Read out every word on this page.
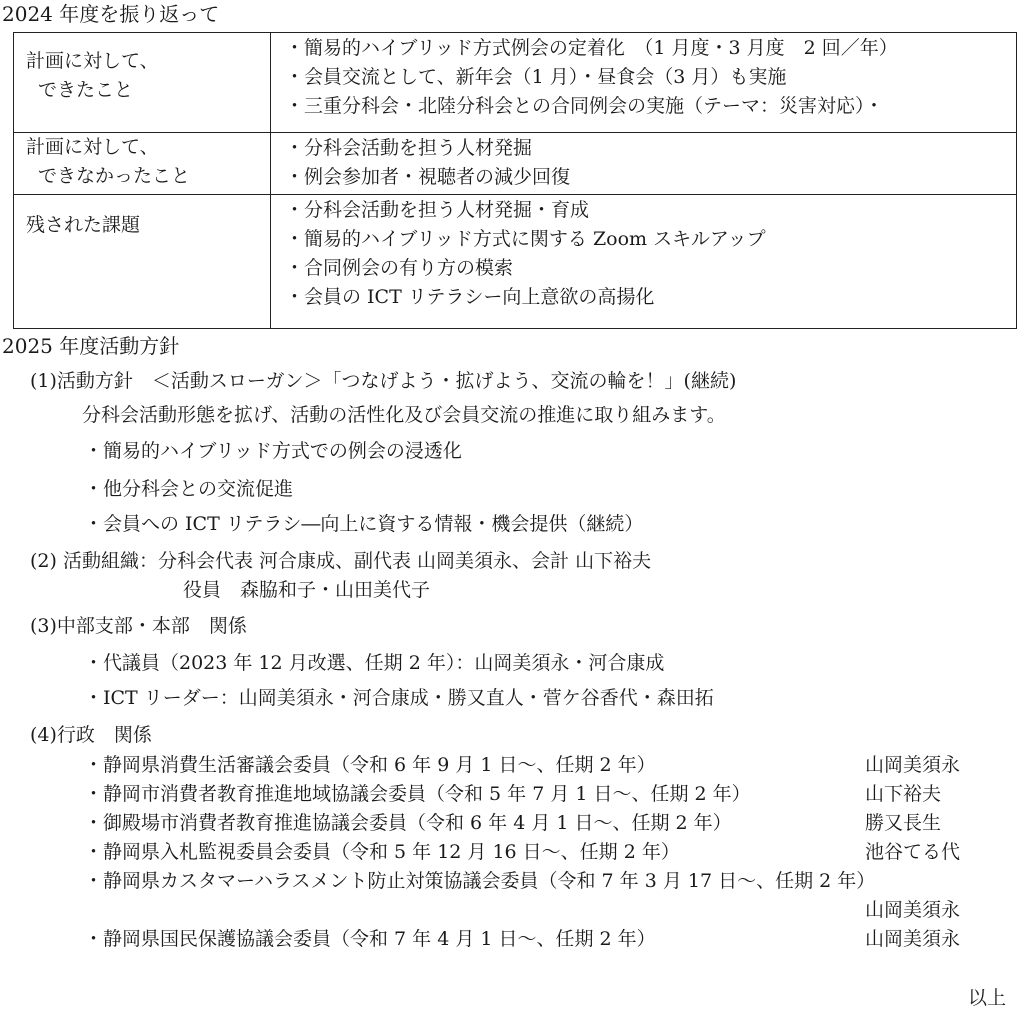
2024 年度を振り返って
計画に対して、
できたこと	・簡易的ハイブリッド方式例会の定着化　（1 月度・3 月度　2 回／年）
・会員交流として、新年会（1 月）・昼食会（3 月）も実施
・三重分科会・北陸分科会との合同例会の実施（テーマ：災害対応）・

計画に対して、
できなかったこと	・分科会活動を担う人材発掘
・例会参加者・視聴者の減少回復

残された課題	・分科会活動を担う人材発掘・育成
・簡易的ハイブリッド方式に関する Zoom スキルアップ
・合同例会の有り方の模索
・会員の ICT リテラシー向上意欲の高揚化
2025 年度活動方針
(1)活動方針　＜活動スローガン＞「つなげよう・拡げよう、交流の輪を！」(継続)
分科会活動形態を拡げ、活動の活性化及び会員交流の推進に取り組みます。
・簡易的ハイブリッド方式での例会の浸透化
・他分科会との交流促進
・会員への ICT リテラシ―向上に資する情報・機会提供（継続）
(2) 活動組織：分科会代表 河合康成、副代表 山岡美須永、会計 山下裕夫
役員　森脇和子・山田美代子
(3)中部支部・本部　関係
・代議員（2023 年 12 月改選、任期 2 年）：山岡美須永・河合康成
・ICT リーダー：山岡美須永・河合康成・勝又直人・菅ケ谷香代・森田拓
(4)行政　関係
・静岡県消費生活審議会委員（令和 6 年 9 月 1 日～、任期 2 年）	山岡美須永
・静岡市消費者教育推進地域協議会委員（令和 5 年 7 月 1 日～、任期 2 年）	山下裕夫
・御殿場市消費者教育推進協議会委員（令和 6 年 4 月 1 日～、任期 2 年）	勝又長生
・静岡県入札監視委員会委員（令和 5 年 12 月 16 日～、任期 2 年）	池谷てる代
・静岡県カスタマーハラスメント防止対策協議会委員（令和 7 年 3 月 17 日～、任期 2 年）
山岡美須永
・静岡県国民保護協議会委員（令和 7 年 4 月 1 日～、任期 2 年）	山岡美須永
以上
